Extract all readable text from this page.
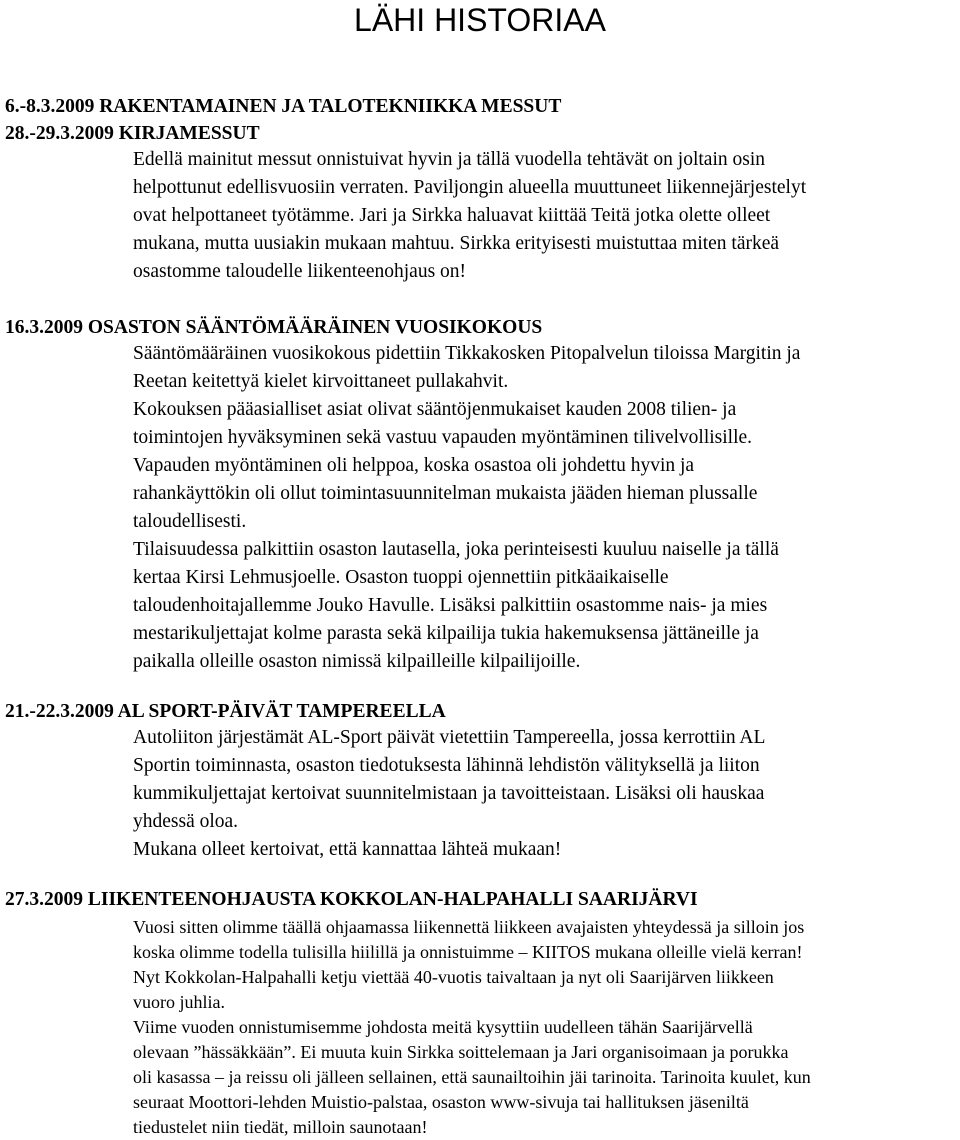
LÄHI HISTORIAA
6.-8.3.2009 RAKENTAMAINEN JA TALOTEKNIIKKA MESSUT
28.-29.3.2009 KIRJAMESSUT
Edellä mainitut messut onnistuivat hyvin ja tällä vuodella tehtävät on joltain osin
helpottunut edellisvuosiin verraten. Paviljongin alueella muuttuneet liikennejärjestelyt
ovat helpottaneet työtämme. Jari ja Sirkka haluavat kiittää Teitä jotka olette olleet
mukana, mutta uusiakin mukaan mahtuu. Sirkka erityisesti muistuttaa miten tärkeä
osastomme taloudelle liikenteenohjaus on!
16.3.2009 OSASTON SÄÄNTÖMÄÄRÄINEN VUOSIKOKOUS
Sääntömääräinen vuosikokous pidettiin Tikkakosken Pitopalvelun tiloissa Margitin ja
Reetan keitettyä kielet kirvoittaneet pullakahvit.
Kokouksen pääasialliset asiat olivat sääntöjenmukaiset kauden 2008 tilien- ja
toimintojen hyväksyminen sekä vastuu vapauden myöntäminen tilivelvollisille.
Vapauden myöntäminen oli helppoa, koska osastoa oli johdettu hyvin ja
rahankäyttökin oli ollut toimintasuunnitelman mukaista jääden hieman plussalle
taloudellisesti.
Tilaisuudessa palkittiin osaston lautasella, joka perinteisesti kuuluu naiselle ja tällä
kertaa Kirsi Lehmusjoelle. Osaston tuoppi ojennettiin pitkäaikaiselle
taloudenhoitajallemme Jouko Havulle. Lisäksi palkittiin osastomme nais- ja mies
mestarikuljettajat kolme parasta sekä kilpailija tukia hakemuksensa jättäneille ja
paikalla olleille osaston nimissä kilpailleille kilpailijoille.
21.-22.3.2009 AL SPORT-PÄIVÄT TAMPEREELLA
Autoliiton järjestämät AL-Sport päivät vietettiin Tampereella, jossa kerrottiin AL
Sportin toiminnasta, osaston tiedotuksesta lähinnä lehdistön välityksellä ja liiton
kummikuljettajat kertoivat suunnitelmistaan ja tavoitteistaan. Lisäksi oli hauskaa
yhdessä oloa.
Mukana olleet kertoivat, että kannattaa lähteä mukaan!
27.3.2009 LIIKENTEENOHJAUSTA KOKKOLAN-HALPAHALLI SAARIJÄRVI
Vuosi sitten olimme täällä ohjaamassa liikennettä liikkeen avajaisten yhteydessä ja silloin jos
koska olimme todella tulisilla hiilillä ja onnistuimme – KIITOS mukana olleille vielä kerran!
Nyt Kokkolan-Halpahalli ketju viettää 40-vuotis taivaltaan ja nyt oli Saarijärven liikkeen
vuoro juhlia.
Viime vuoden onnistumisemme johdosta meitä kysyttiin uudelleen tähän Saarijärvellä
olevaan ”hässäkkään”. Ei muuta kuin Sirkka soittelemaan ja Jari organisoimaan ja porukka
oli kasassa – ja reissu oli jälleen sellainen, että saunailtoihin jäi tarinoita. Tarinoita kuulet, kun
seuraat Moottori-lehden Muistio-palstaa, osaston www-sivuja tai hallituksen jäseniltä
tiedustelet niin tiedät, milloin saunotaan!
